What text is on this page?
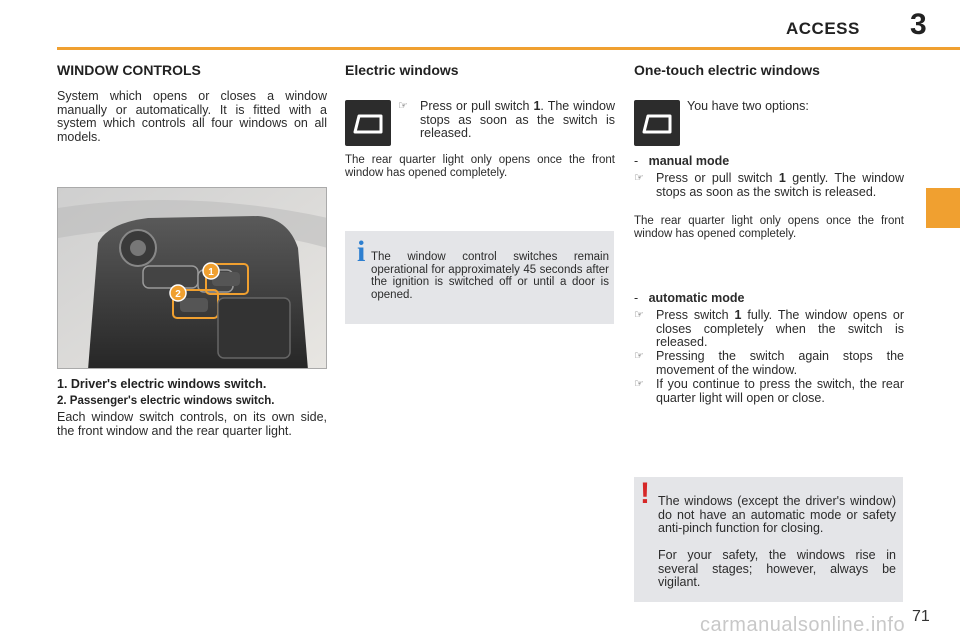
ACCESS 3
WINDOW CONTROLS
System which opens or closes a window manually or automatically. It is fitted with a system which controls all four windows on all models.
1
2
1. Driver's electric windows switch.
2. Passenger's electric windows switch.
Each window switch controls, on its own side, the front window and the rear quarter light.
Electric windows
☞ Press or pull switch 1. The window stops as soon as the switch is released.
The rear quarter light only opens once the front window has opened completely.
i The window control switches remain operational for approximately 45 seconds after the ignition is switched off or until a door is opened.
One-touch electric windows
You have two options:
- manual mode
☞ Press or pull switch 1 gently. The window stops as soon as the switch is released.
The rear quarter light only opens once the front window has opened completely.
- automatic mode
☞ Press switch 1 fully. The window opens or closes completely when the switch is released.
☞ Pressing the switch again stops the movement of the window.
☞ If you continue to press the switch, the rear quarter light will open or close.
! The windows (except the driver's window) do not have an automatic mode or safety anti-pinch function for closing.
For your safety, the windows rise in several stages; however, always be vigilant.
71
carmanualsonline.info
